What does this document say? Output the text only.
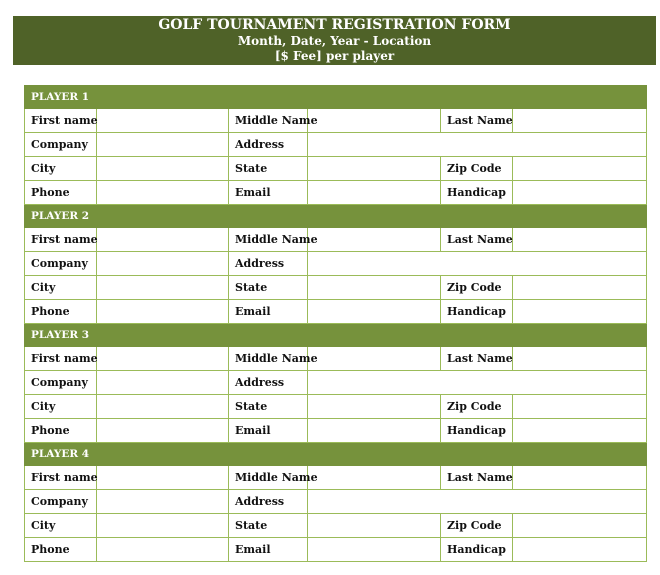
GOLF TOURNAMENT REGISTRATION FORM
Month, Date, Year - Location
[$ Fee] per player
PLAYER 1					
First name		Middle Name		Last Name	
Company		Address			
City		State		Zip Code	
Phone		Email		Handicap	
PLAYER 2					
First name		Middle Name		Last Name	
Company		Address			
City		State		Zip Code	
Phone		Email		Handicap	
PLAYER 3					
First name		Middle Name		Last Name	
Company		Address			
City		State		Zip Code	
Phone		Email		Handicap	
PLAYER 4					
First name		Middle Name		Last Name	
Company		Address			
City		State		Zip Code	
Phone		Email		Handicap	
